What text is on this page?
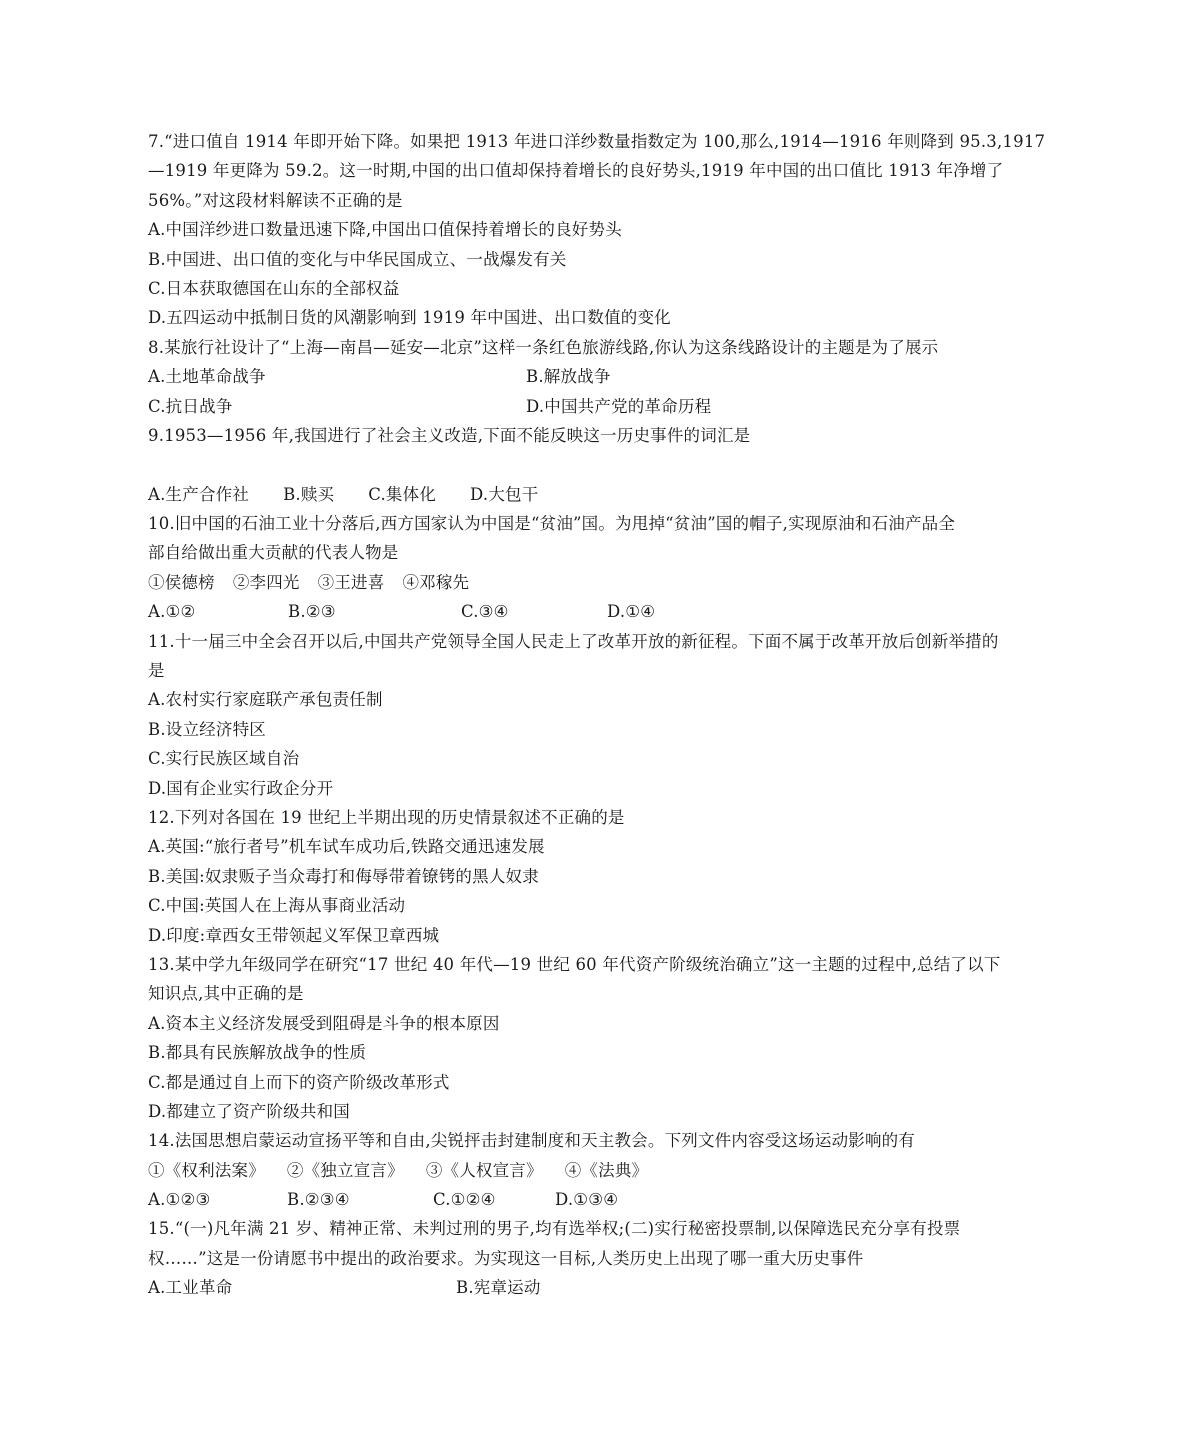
7.“进口值自 1914 年即开始下降。如果把 1913 年进口洋纱数量指数定为 100,那么,1914—1916 年则降到 95.3,1917
—1919 年更降为 59.2。这一时期,中国的出口值却保持着增长的良好势头,1919 年中国的出口值比 1913 年净增了
56%。”对这段材料解读不正确的是
A.中国洋纱进口数量迅速下降,中国出口值保持着增长的良好势头
B.中国进、出口值的变化与中华民国成立、一战爆发有关
C.日本获取德国在山东的全部权益
D.五四运动中抵制日货的风潮影响到 1919 年中国进、出口数值的变化
8.某旅行社设计了“上海—南昌—延安—北京”这样一条红色旅游线路,你认为这条线路设计的主题是为了展示
A.土地革命战争	B.解放战争
C.抗日战争	D.中国共产党的革命历程
9.1953—1956 年,我国进行了社会主义改造,下面不能反映这一历史事件的词汇是
A.生产合作社 B.赎买 C.集体化 D.大包干
10.旧中国的石油工业十分落后,西方国家认为中国是“贫油”国。为甩掉“贫油”国的帽子,实现原油和石油产品全
部自给做出重大贡献的代表人物是
①侯德榜 ②李四光 ③王进喜 ④邓稼先
A.①②	B.②③	C.③④	D.①④
11.十一届三中全会召开以后,中国共产党领导全国人民走上了改革开放的新征程。下面不属于改革开放后创新举措的
是
A.农村实行家庭联产承包责任制
B.设立经济特区
C.实行民族区域自治
D.国有企业实行政企分开
12.下列对各国在 19 世纪上半期出现的历史情景叙述不正确的是
A.英国:“旅行者号”机车试车成功后,铁路交通迅速发展
B.美国:奴隶贩子当众毒打和侮辱带着镣铐的黑人奴隶
C.中国:英国人在上海从事商业活动
D.印度:章西女王带领起义军保卫章西城
13.某中学九年级同学在研究“17 世纪 40 年代—19 世纪 60 年代资产阶级统治确立”这一主题的过程中,总结了以下
知识点,其中正确的是
A.资本主义经济发展受到阻碍是斗争的根本原因
B.都具有民族解放战争的性质
C.都是通过自上而下的资产阶级改革形式
D.都建立了资产阶级共和国
14.法国思想启蒙运动宣扬平等和自由,尖锐抨击封建制度和天主教会。下列文件内容受这场运动影响的有
①《权利法案》 ②《独立宣言》 ③《人权宣言》 ④《法典》
A.①②③	B.②③④	C.①②④	D.①③④
15.“(一)凡年满 21 岁、精神正常、未判过刑的男子,均有选举权;(二)实行秘密投票制,以保障选民充分享有投票
权……”这是一份请愿书中提出的政治要求。为实现这一目标,人类历史上出现了哪一重大历史事件
A.工业革命	B.宪章运动
